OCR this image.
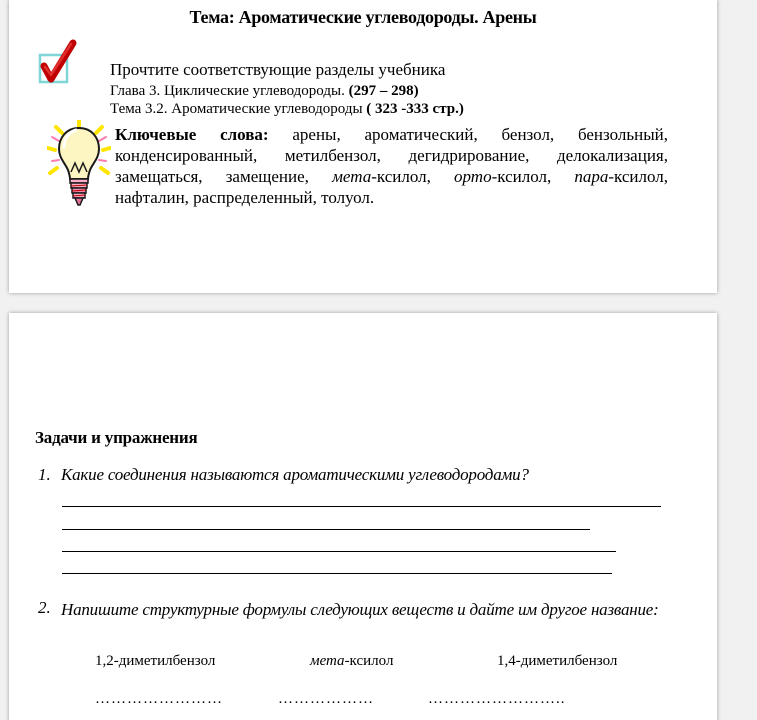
Тема: Ароматические углеводороды. Арены

Прочтите соответствующие разделы учебника

Глава 3. Циклические углеводороды. (297 – 298)

Тема 3.2. Ароматические углеводороды ( 323 -333 стр.)

Ключевые слова: арены, ароматический, бензол, бензольный, конденсированный, метилбензол, дегидрирование, делокализация, замещаться, замещение, мета-ксилол, орто-ксилол, пара-ксилол, нафталин, распределенный, толуол.

Задачи и упражнения
1. Какие соединения называются ароматическими углеводородами?

2. Напишите структурные формулы следующих веществ и дайте им другое название:

1,2-диметилбензол	мета-ксилол	1,4-диметилбензол
……………………	………………	……………………..
